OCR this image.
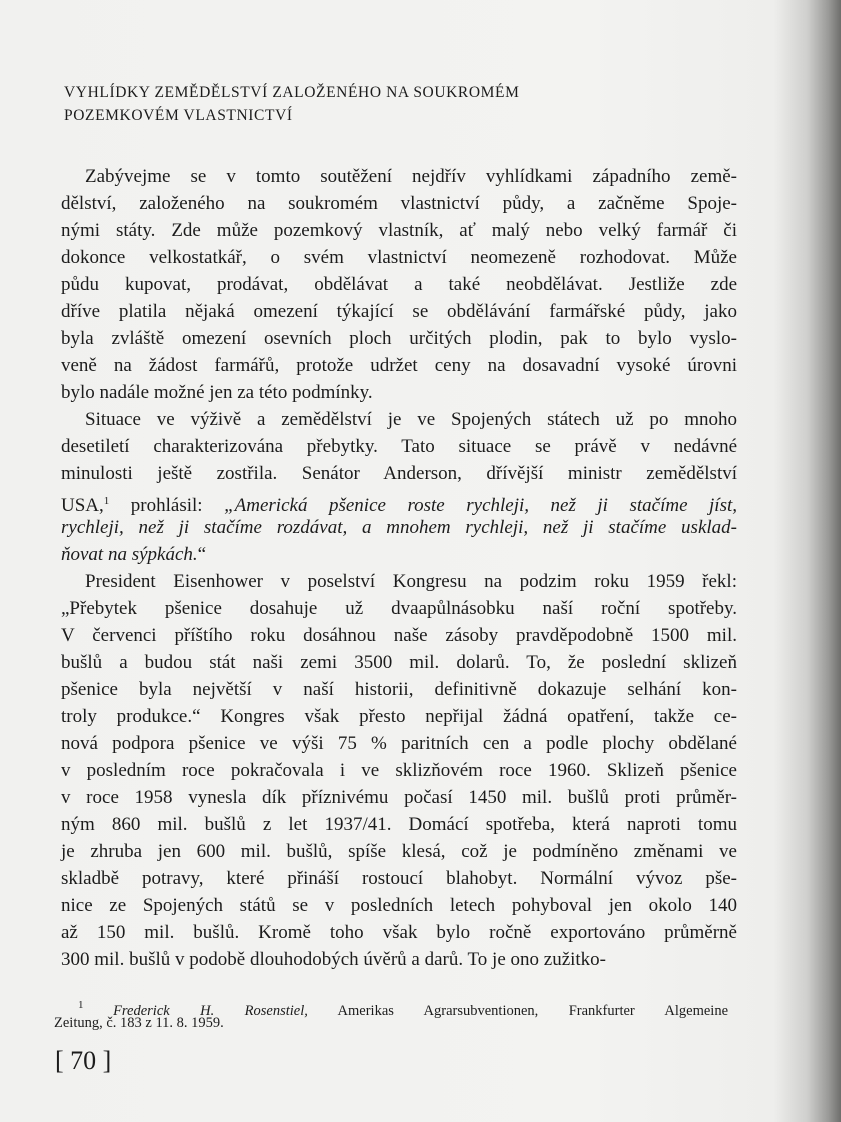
VYHLÍDKY ZEMĚDĚLSTVÍ ZALOŽENÉHO NA SOUKROMÉM
POZEMKOVÉM VLASTNICTVÍ
Zabývejme se v tomto soutěžení nejdřív vyhlídkami západního země-
dělství, založeného na soukromém vlastnictví půdy, a začněme Spoje-
nými státy. Zde může pozemkový vlastník, ať malý nebo velký farmář či
dokonce velkostatkář, o svém vlastnictví neomezeně rozhodovat. Může
půdu kupovat, prodávat, obdělávat a také neobdělávat. Jestliže zde
dříve platila nějaká omezení týkající se obdělávání farmářské půdy, jako
byla zvláště omezení osevních ploch určitých plodin, pak to bylo vyslo-
veně na žádost farmářů, protože udržet ceny na dosavadní vysoké úrovni
bylo nadále možné jen za této podmínky.
Situace ve výživě a zemědělství je ve Spojených státech už po mnoho
desetiletí charakterizována přebytky. Tato situace se právě v nedávné
minulosti ještě zostřila. Senátor Anderson, dřívější ministr zemědělství
USA,$^1$ prohlásil: „Americká pšenice roste rychleji, než ji stačíme jíst,
rychleji, než ji stačíme rozdávat, a mnohem rychleji, než ji stačíme usklad-
ňovat na sýpkách.“
President Eisenhower v poselství Kongresu na podzim roku 1959 řekl:
„Přebytek pšenice dosahuje už dvaapůlnásobku naší roční spotřeby.
V červenci příštího roku dosáhnou naše zásoby pravděpodobně 1500 mil.
bušlů a budou stát naši zemi 3500 mil. dolarů. To, že poslední sklizeň
pšenice byla největší v naší historii, definitivně dokazuje selhání kon-
troly produkce.“ Kongres však přesto nepřijal žádná opatření, takže ce-
nová podpora pšenice ve výši 75 % paritních cen a podle plochy obdělané
v posledním roce pokračovala i ve sklizňovém roce 1960. Sklizeň pšenice
v roce 1958 vynesla dík příznivému počasí 1450 mil. bušlů proti průměr-
ným 860 mil. bušlů z let 1937/41. Domácí spotřeba, která naproti tomu
je zhruba jen 600 mil. bušlů, spíše klesá, což je podmíněno změnami ve
skladbě potravy, které přináší rostoucí blahobyt. Normální vývoz pše-
nice ze Spojených států se v posledních letech pohyboval jen okolo 140
až 150 mil. bušlů. Kromě toho však bylo ročně exportováno průměrně
300 mil. bušlů v podobě dlouhodobých úvěrů a darů. To je ono zužitko-
$^1$ Frederick H. Rosenstiel, Amerikas Agrarsubventionen, Frankfurter Algemeine
Zeitung, č. 183 z 11. 8. 1959.
[ 70 ]
